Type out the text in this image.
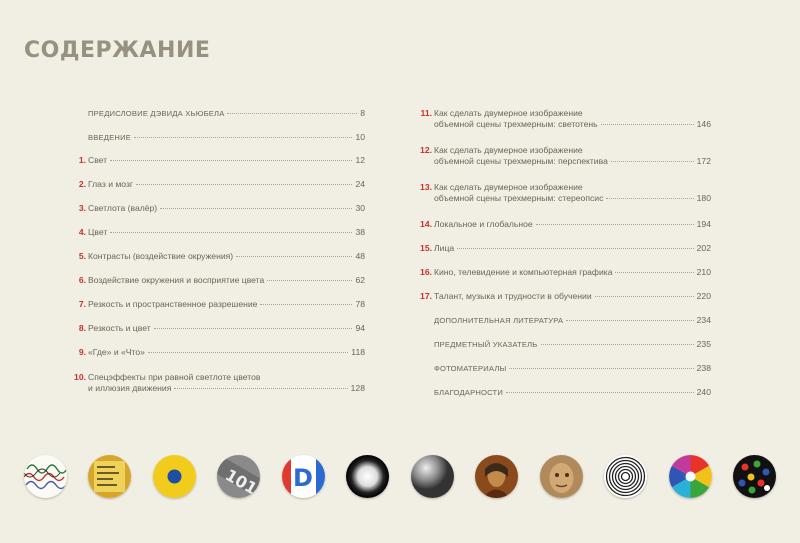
СОДЕРЖАНИЕ
ПРЕДИСЛОВИЕ ДЭВИДА ХЬЮБЕЛА	8
ВВЕДЕНИЕ	10
1. Свет	12
2. Глаз и мозг	24
3. Светлота (валёр)	30
4. Цвет	38
5. Контрасты (воздействие окружения)	48
6. Воздействие окружения и восприятие цвета	62
7. Резкость и пространственное разрешение	78
8. Резкость и цвет	94
9. «Где» и «Что»	118
10. Спецэффекты при равной светлоте цветов
и иллюзия движения	128
11. Как сделать двумерное изображение
объемной сцены трехмерным: светотень	146
12. Как сделать двумерное изображение
объемной сцены трехмерным: перспектива	172
13. Как сделать двумерное изображение
объемной сцены трехмерным: стереопсис	180
14. Локальное и глобальное	194
15. Лица	202
16. Кино, телевидение и компьютерная графика	210
17. Талант, музыка и трудности в обучении	220
ДОПОЛНИТЕЛЬНАЯ ЛИТЕРАТУРА	234
ПРЕДМЕТНЫЙ УКАЗАТЕЛЬ	235
ФОТОМАТЕРИАЛЫ	238
БЛАГОДАРНОСТИ	240
101 D
